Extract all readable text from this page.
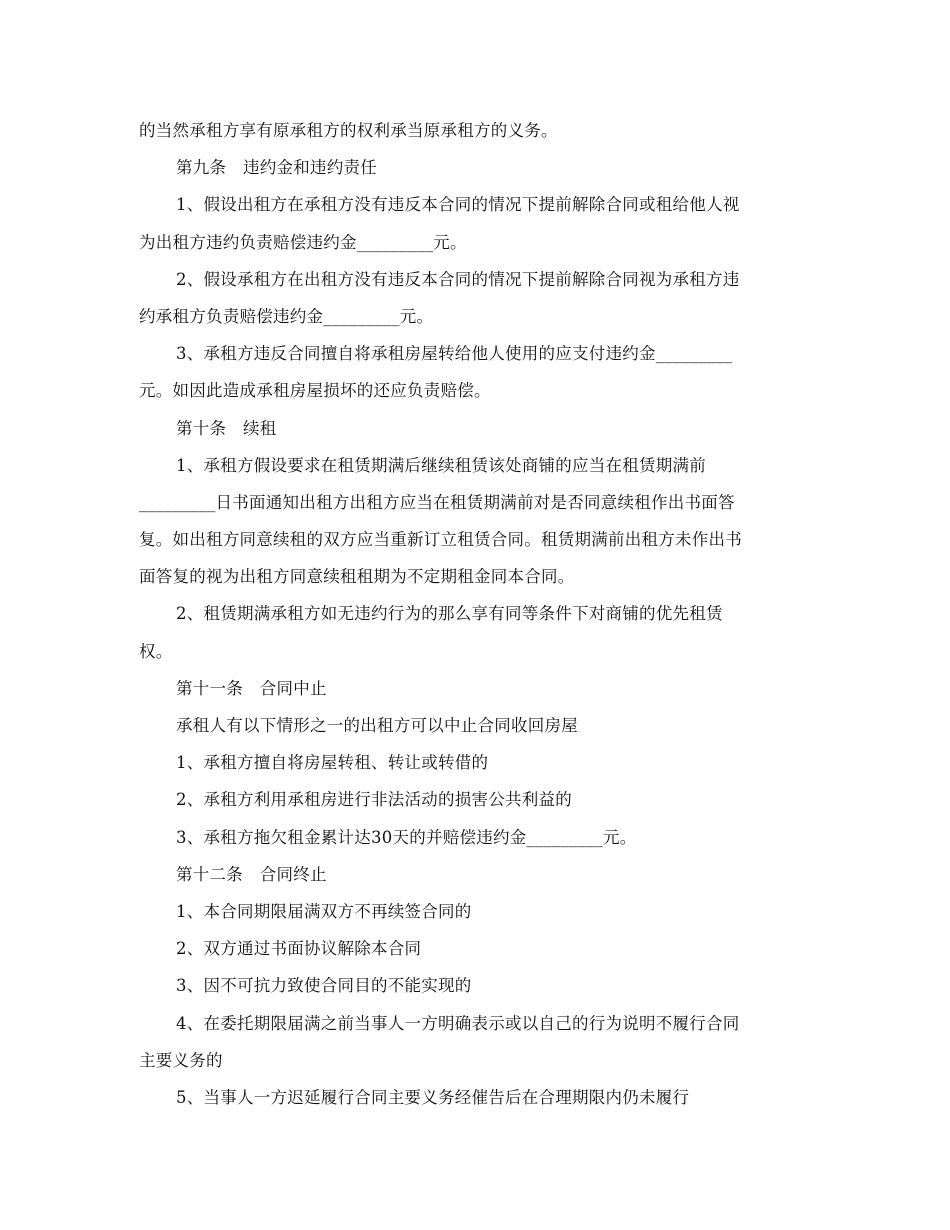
的当然承租方享有原承租方的权利承当原承租方的义务。
第九条　违约金和违约责任
1、假设出租方在承租方没有违反本合同的情况下提前解除合同或租给他人视
为出租方违约负责赔偿违约金_________元。
2、假设承租方在出租方没有违反本合同的情况下提前解除合同视为承租方违
约承租方负责赔偿违约金_________元。
3、承租方违反合同擅自将承租房屋转给他人使用的应支付违约金_________
元。如因此造成承租房屋损坏的还应负责赔偿。
第十条　续租
1、承租方假设要求在租赁期满后继续租赁该处商铺的应当在租赁期满前
_________日书面通知出租方出租方应当在租赁期满前对是否同意续租作出书面答
复。如出租方同意续租的双方应当重新订立租赁合同。租赁期满前出租方未作出书
面答复的视为出租方同意续租租期为不定期租金同本合同。
2、租赁期满承租方如无违约行为的那么享有同等条件下对商铺的优先租赁
权。
第十一条　合同中止
承租人有以下情形之一的出租方可以中止合同收回房屋
1、承租方擅自将房屋转租、转让或转借的
2、承租方利用承租房进行非法活动的损害公共利益的
3、承租方拖欠租金累计达30天的并赔偿违约金_________元。
第十二条　合同终止
1、本合同期限届满双方不再续签合同的
2、双方通过书面协议解除本合同
3、因不可抗力致使合同目的不能实现的
4、在委托期限届满之前当事人一方明确表示或以自己的行为说明不履行合同
主要义务的
5、当事人一方迟延履行合同主要义务经催告后在合理期限内仍未履行
